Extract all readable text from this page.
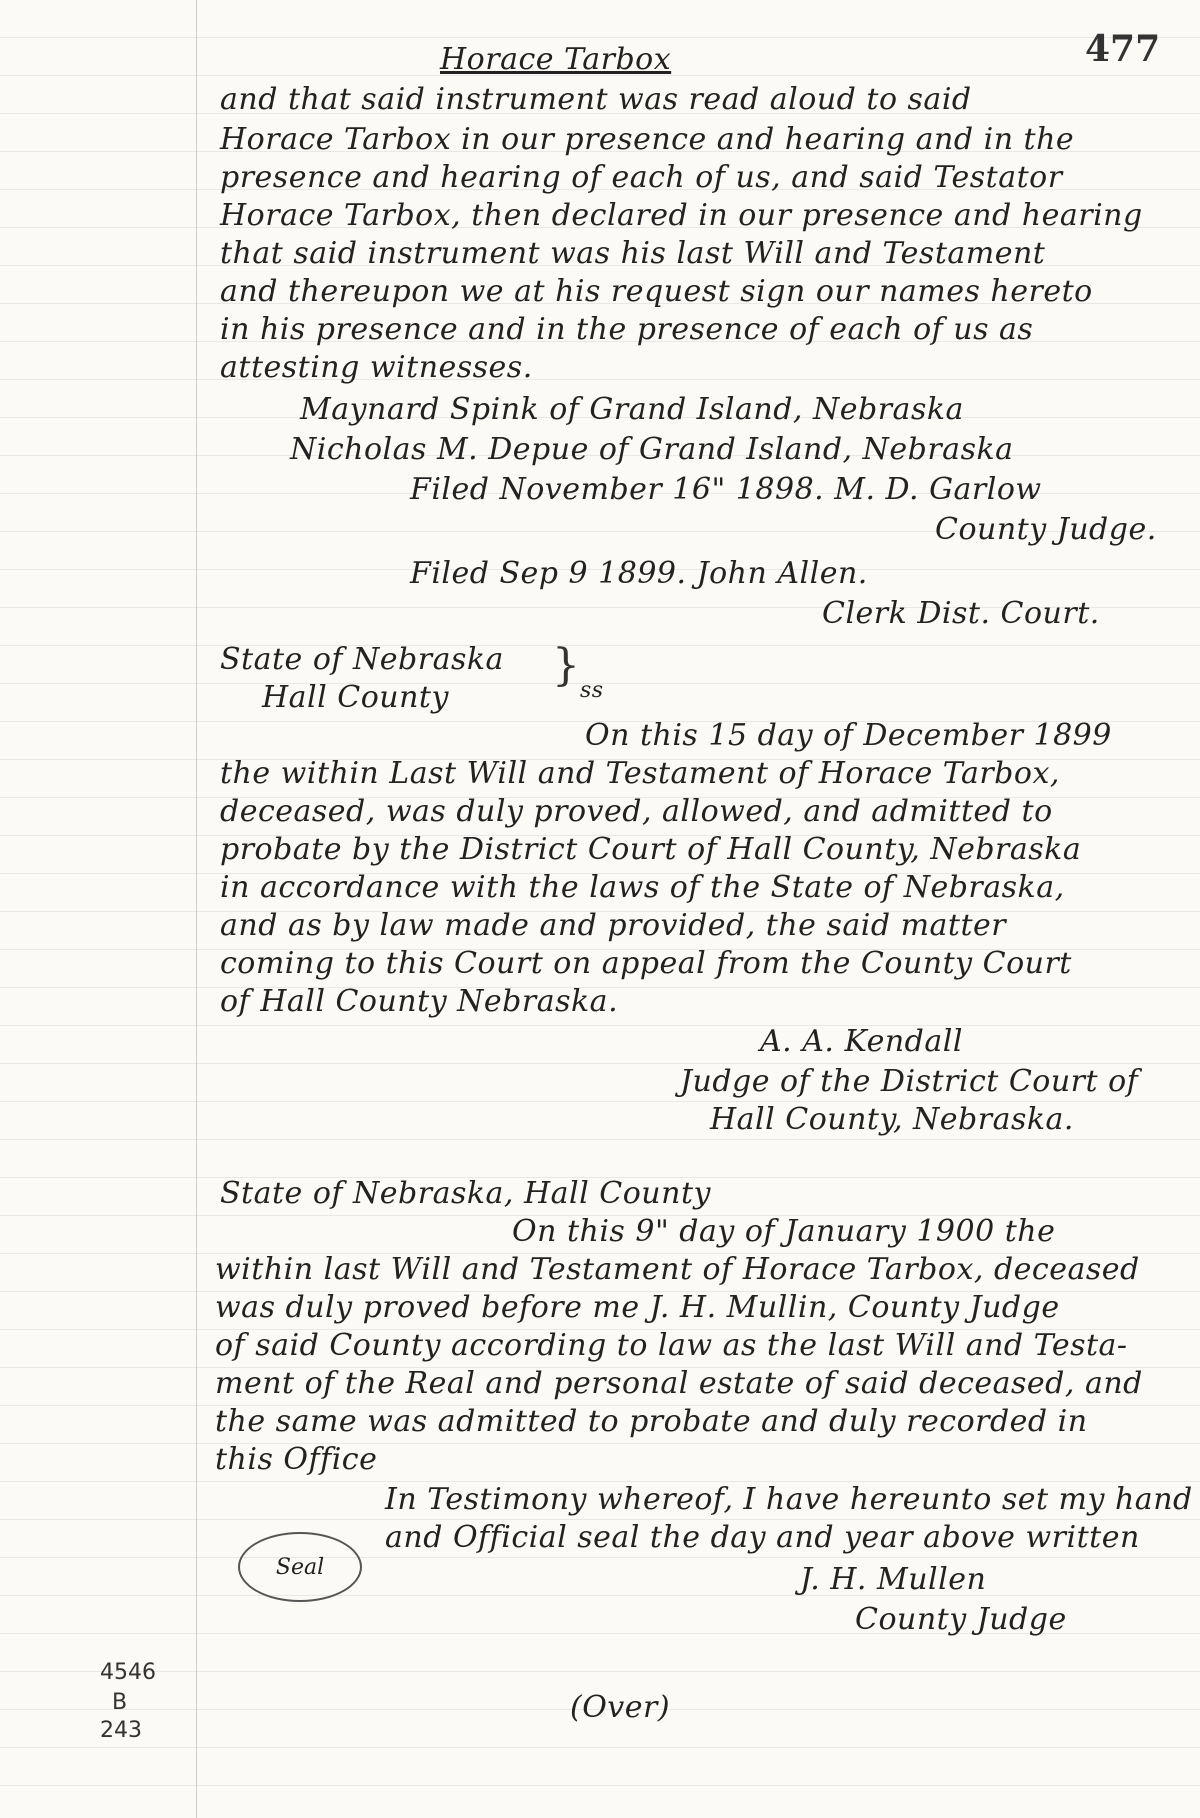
477
Horace Tarbox
and that said instrument was read aloud to said
Horace Tarbox in our presence and hearing and in the
presence and hearing of each of us, and said Testator
Horace Tarbox, then declared in our presence and hearing
that said instrument was his last Will and Testament
and thereupon we at his request sign our names hereto
in his presence and in the presence of each of us as
attesting witnesses.
Maynard Spink of Grand Island, Nebraska
Nicholas M. Depue of Grand Island, Nebraska
Filed November 16" 1898. M. D. Garlow
County Judge.
Filed Sep 9 1899. John Allen.
Clerk Dist. Court.
State of Nebraska
Hall County
} ss
On this 15 day of December 1899
the within Last Will and Testament of Horace Tarbox,
deceased, was duly proved, allowed, and admitted to
probate by the District Court of Hall County, Nebraska
in accordance with the laws of the State of Nebraska,
and as by law made and provided, the said matter
coming to this Court on appeal from the County Court
of Hall County Nebraska.
A. A. Kendall
Judge of the District Court of
Hall County, Nebraska.
State of Nebraska, Hall County
On this 9" day of January 1900 the
within last Will and Testament of Horace Tarbox, deceased
was duly proved before me J. H. Mullin, County Judge
of said County according to law as the last Will and Testa-
ment of the Real and personal estate of said deceased, and
the same was admitted to probate and duly recorded in
this Office
In Testimony whereof, I have hereunto set my hand
and Official seal the day and year above written
Seal	J. H. Mullen
County Judge
4546
B
243
(Over)
